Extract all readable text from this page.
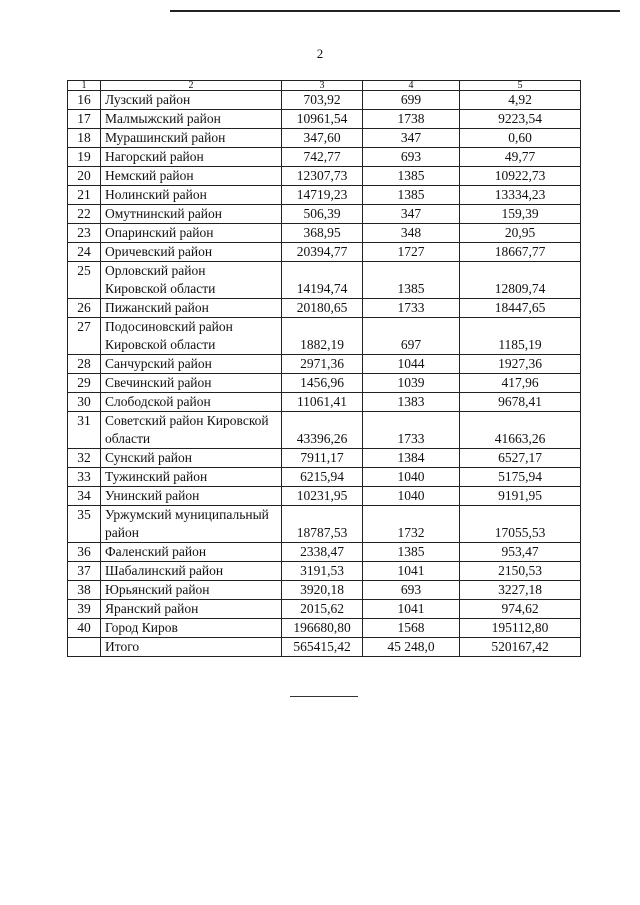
2
1	2	3	4	5
16	Лузский район	703,92	699	4,92
17	Малмыжский район	10961,54	1738	9223,54
18	Мурашинский район	347,60	347	0,60
19	Нагорский район	742,77	693	49,77
20	Немский район	12307,73	1385	10922,73
21	Нолинский район	14719,23	1385	13334,23
22	Омутнинский район	506,39	347	159,39
23	Опаринский район	368,95	348	20,95
24	Оричевский район	20394,77	1727	18667,77
25	Орловский район
Кировской области	14194,74	1385	12809,74
26	Пижанский район	20180,65	1733	18447,65
27	Подосиновский район
Кировской области	1882,19	697	1185,19
28	Санчурский район	2971,36	1044	1927,36
29	Свечинский район	1456,96	1039	417,96
30	Слободской район	11061,41	1383	9678,41
31	Советский район Кировской
области	43396,26	1733	41663,26
32	Сунский район	7911,17	1384	6527,17
33	Тужинский район	6215,94	1040	5175,94
34	Унинский район	10231,95	1040	9191,95
35	Уржумский муниципальный
район	18787,53	1732	17055,53
36	Фаленский район	2338,47	1385	953,47
37	Шабалинский район	3191,53	1041	2150,53
38	Юрьянский район	3920,18	693	3227,18
39	Яранский район	2015,62	1041	974,62
40	Город Киров	196680,80	1568	195112,80

	Итого	565415,42	45 248,0	520167,42
